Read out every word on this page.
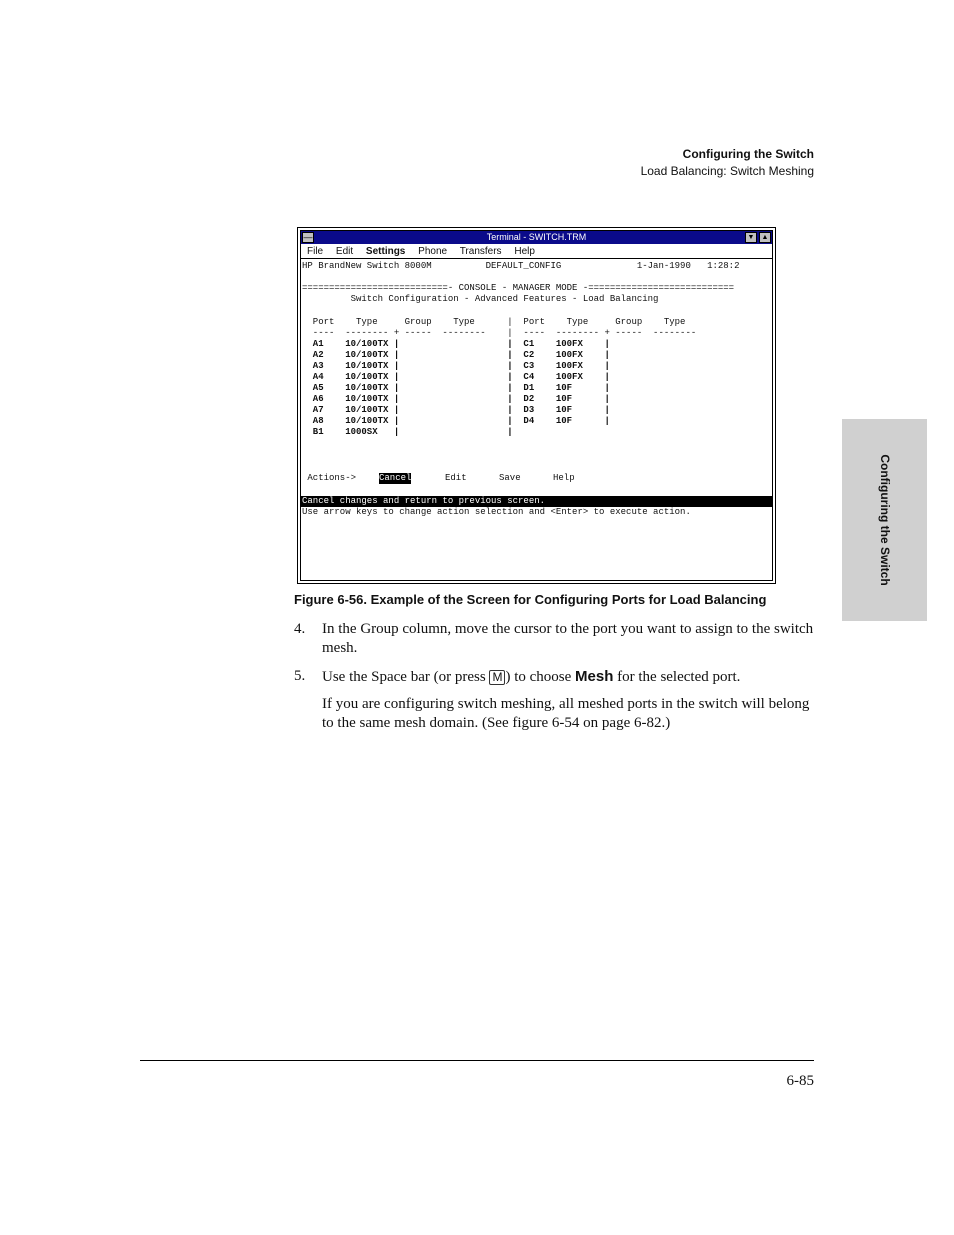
Configuring the Switch
Load Balancing: Switch Meshing
Configuring the Switch
—	Terminal - SWITCH.TRM	▼	▲
File Edit Settings Phone Transfers Help
HP BrandNew Switch 8000M          DEFAULT_CONFIG              1-Jan-1990   1:28:2
===========================- CONSOLE - MANAGER MODE -===========================
Switch Configuration - Advanced Features - Load Balancing
Port    Type     Group    Type      |  Port    Type     Group    Type
----  -------- + -----  --------    |  ----  -------- + -----  --------
A1    10/100TX |                    |  C1    100FX    |
A2    10/100TX |                    |  C2    100FX    |
A3    10/100TX |                    |  C3    100FX    |
A4    10/100TX |                    |  C4    100FX    |
A5    10/100TX |                    |  D1    10F      |
A6    10/100TX |                    |  D2    10F      |
A7    10/100TX |                    |  D3    10F      |
A8    10/100TX |                    |  D4    10F      |
B1    1000SX   |                    |
Actions->	Cancel	Edit	Save	Help
Cancel changes and return to previous screen.
Use arrow keys to change action selection and <Enter> to execute action.
Figure 6-56. Example of the Screen for Configuring Ports for Load Balancing
4. In the Group column, move the cursor to the port you want to assign to the switch mesh.
5. Use the Space bar (or press M ) to choose Mesh for the selected port.
If you are configuring switch meshing, all meshed ports in the switch will belong to the same mesh domain. (See figure 6-54 on page 6-82.)
6-85
